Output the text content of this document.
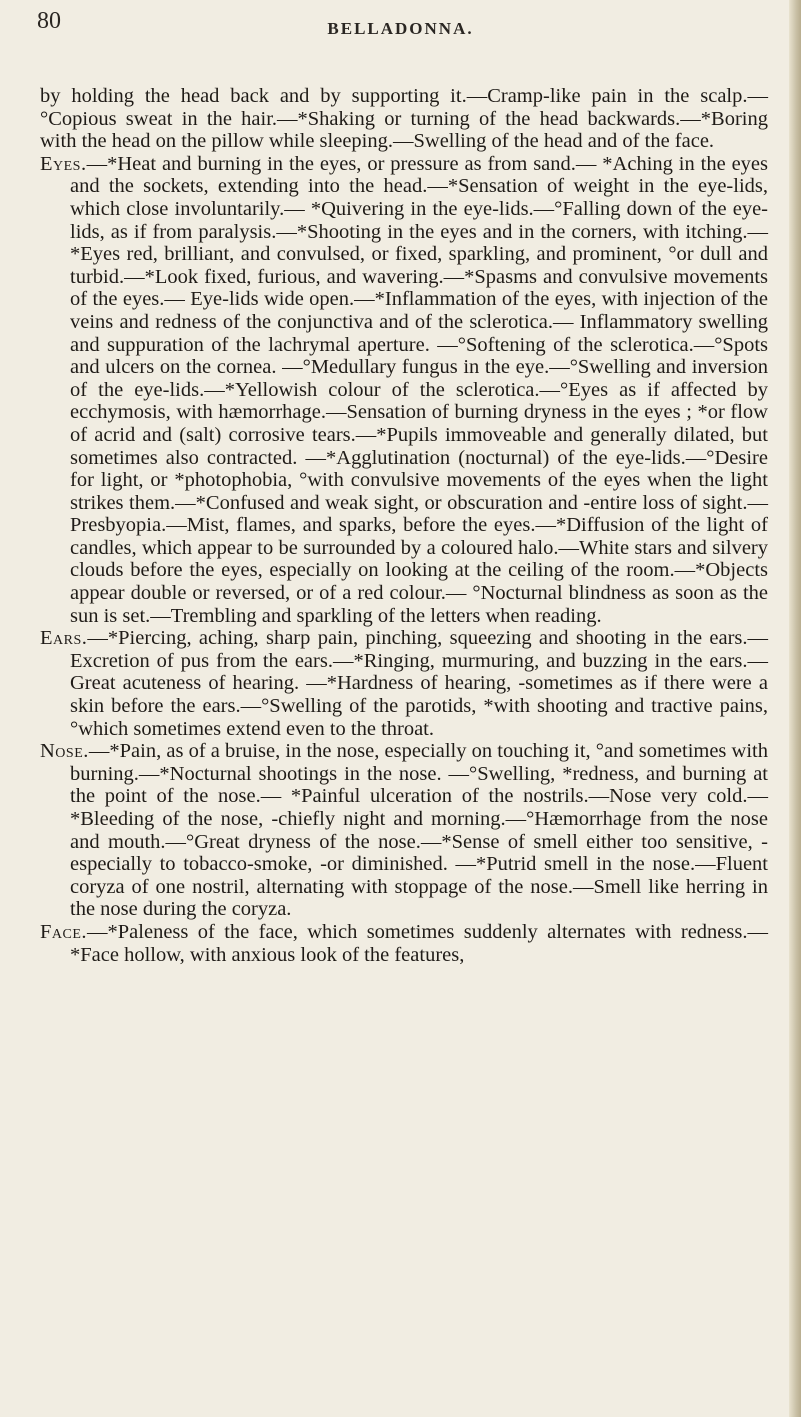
80	BELLADONNA.

by holding the head back and by supporting it.—Cramp-like pain in the scalp.—°Copious sweat in the hair.—*Shaking or turning of the head backwards.—*Boring with the head on the pillow while sleeping.—Swelling of the head and of the face.

Eyes.—*Heat and burning in the eyes, or pressure as from sand.— *Aching in the eyes and the sockets, extending into the head.—*Sensation of weight in the eye-lids, which close involuntarily.— *Quivering in the eye-lids.—°Falling down of the eye-lids, as if from paralysis.—*Shooting in the eyes and in the corners, with itching.—*Eyes red, brilliant, and convulsed, or fixed, sparkling, and prominent, °or dull and turbid.—*Look fixed, furious, and wavering.—*Spasms and convulsive movements of the eyes.— Eye-lids wide open.—*Inflammation of the eyes, with injection of the veins and redness of the conjunctiva and of the sclerotica.— Inflammatory swelling and suppuration of the lachrymal aperture. —°Softening of the sclerotica.—°Spots and ulcers on the cornea. —°Medullary fungus in the eye.—°Swelling and inversion of the eye-lids.—*Yellowish colour of the sclerotica.—°Eyes as if affected by ecchymosis, with hæmorrhage.—Sensation of burning dryness in the eyes ; *or flow of acrid and (salt) corrosive tears.—*Pupils immoveable and generally dilated, but sometimes also contracted. —*Agglutination (nocturnal) of the eye-lids.—°Desire for light, or *photophobia, °with convulsive movements of the eyes when the light strikes them.—*Confused and weak sight, or obscuration and -entire loss of sight.—Presbyopia.—Mist, flames, and sparks, before the eyes.—*Diffusion of the light of candles, which appear to be surrounded by a coloured halo.—White stars and silvery clouds before the eyes, especially on looking at the ceiling of the room.—*Objects appear double or reversed, or of a red colour.— °Nocturnal blindness as soon as the sun is set.—Trembling and sparkling of the letters when reading.

Ears.—*Piercing, aching, sharp pain, pinching, squeezing and shooting in the ears.—Excretion of pus from the ears.—*Ringing, murmuring, and buzzing in the ears.—Great acuteness of hearing. —*Hardness of hearing, -sometimes as if there were a skin before the ears.—°Swelling of the parotids, *with shooting and tractive pains, °which sometimes extend even to the throat.

Nose.—*Pain, as of a bruise, in the nose, especially on touching it, °and sometimes with burning.—*Nocturnal shootings in the nose. —°Swelling, *redness, and burning at the point of the nose.— *Painful ulceration of the nostrils.—Nose very cold.—*Bleeding of the nose, -chiefly night and morning.—°Hæmorrhage from the nose and mouth.—°Great dryness of the nose.—*Sense of smell either too sensitive, -especially to tobacco-smoke, -or diminished. —*Putrid smell in the nose.—Fluent coryza of one nostril, alternating with stoppage of the nose.—Smell like herring in the nose during the coryza.

Face.—*Paleness of the face, which sometimes suddenly alternates with redness.—*Face hollow, with anxious look of the features,
